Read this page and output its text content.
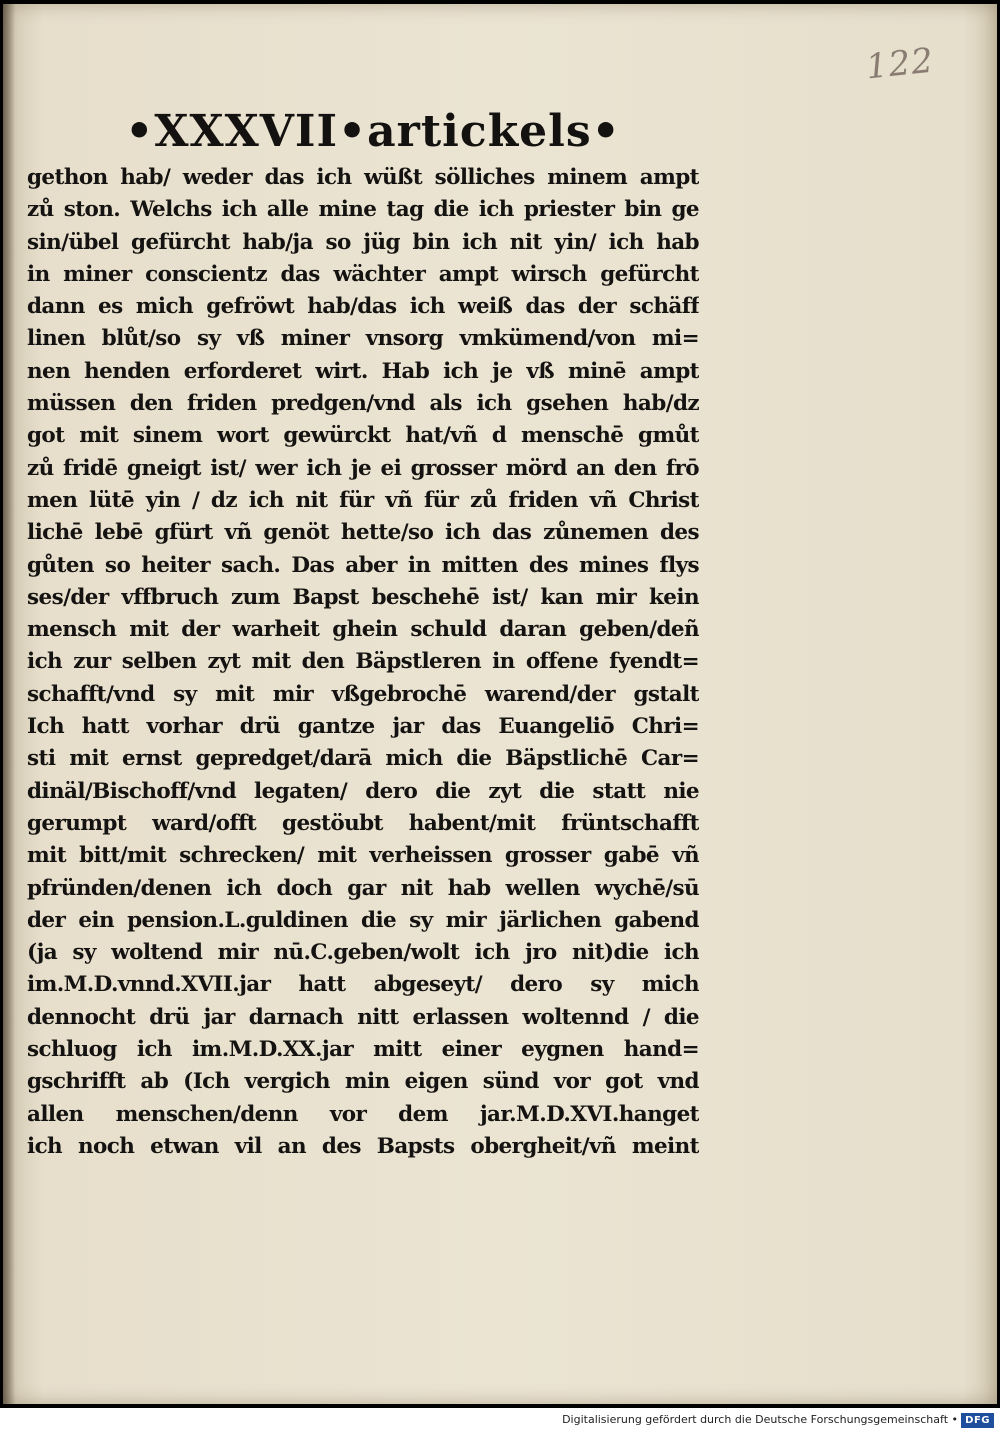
122
•XXXVII•artickels•
gethon hab/ weder das ich wüßt sölliches minem ampt
zů ston. Welchs ich alle mine tag die ich priester bin ge
sin/übel gefürcht hab/ja so jüg bin ich nit yin/ ich hab
in miner conscientz das wächter ampt wirsch gefürcht
dann es mich gefröwt hab/das ich weiß das der schäff
linen blůt/so sy vß miner vnsorg vmkümend/von mi=
nen henden erforderet wirt. Hab ich je vß minē ampt
müssen den friden predgen/vnd als ich gsehen hab/dz
got mit sinem wort gewürckt hat/vñ d menschē gmůt
zů fridē gneigt ist/ wer ich je ei grosser mörd an den frō
men lütē yin / dz ich nit für vñ für zů friden vñ Christ
lichē lebē gfürt vñ genöt hette/so ich das zůnemen des
gůten so heiter sach. Das aber in mitten des mines flys
ses/der vffbruch zum Bapst beschehē ist/ kan mir kein
mensch mit der warheit ghein schuld daran geben/deñ
ich zur selben zyt mit den Bäpstleren in offene fyendt=
schafft/vnd sy mit mir vßgebrochē warend/der gstalt
Ich hatt vorhar drü gantze jar das Euangeliō Chri=
sti mit ernst gepredget/darā mich die Bäpstlichē Car=
dinäl/Bischoff/vnd legaten/ dero die zyt die statt nie
gerumpt ward/offt gestöubt habent/mit früntschafft
mit bitt/mit schrecken/ mit verheissen grosser gabē vñ
pfründen/denen ich doch gar nit hab wellen wychē/sū
der ein pension.L.guldinen die sy mir järlichen gabend
(ja sy woltend mir nū.C.geben/wolt ich jro nit)die ich
im.M.D.vnnd.XVII.jar hatt abgeseyt/ dero sy mich
dennocht drü jar darnach nitt erlassen woltennd / die
schluog ich im.M.D.XX.jar mitt einer eygnen hand=
gschrifft ab (Ich vergich min eigen sünd vor got vnd
allen menschen/denn vor dem jar.M.D.XVI.hanget
ich noch etwan vil an des Bapsts obergheit/vñ meint
Digitalisierung gefördert durch die Deutsche Forschungsgemeinschaft • DFG
